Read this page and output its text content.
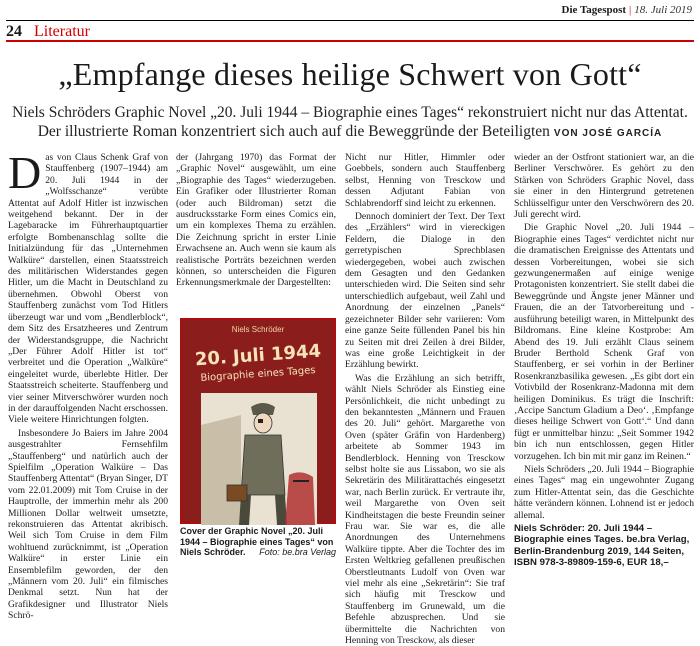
Die Tagespost | 18. Juli 2019
24 Literatur
„Empfange dieses heilige Schwert von Gott“
Niels Schröders Graphic Novel „20. Juli 1944 – Biographie eines Tages“ rekonstruiert nicht nur das Attentat.
Der illustrierte Roman konzentriert sich auch auf die Beweggründe der Beteiligten VON JOSÉ GARCÍA

Das von Claus Schenk Graf von Stauffenberg (1907–1944) am 20. Juli 1944 in der „Wolfsschanze“ verübte Attentat auf Adolf Hitler ist inzwischen weitgehend bekannt. Der in der Lagebaracke im Führerhauptquartier erfolgte Bombenanschlag sollte die Initialzündung für das „Unternehmen Walküre“ darstellen, einen Staatsstreich des militärischen Widerstandes gegen Hitler, um die Macht in Deutschland zu übernehmen. Obwohl Oberst von Stauffenberg zunächst vom Tod Hitlers überzeugt war und vom „Bendlerblock“, dem Sitz des Ersatzheeres und Zentrum der Widerstandsgruppe, die Nachricht „Der Führer Adolf Hitler ist tot“ verbreitet und die Operation „Walküre“ eingeleitet wurde, überlebte Hitler. Der Staatsstreich scheiterte. Stauffenberg und vier seiner Mitverschwörer wurden noch in der darauffolgenden Nacht erschossen. Viele weitere Hinrichtungen folgten.

Insbesondere Jo Baiers im Jahre 2004 ausgestrahlter Fernsehfilm „Stauffenberg“ und natürlich auch der Spielfilm „Operation Walküre – Das Stauffenberg Attentat“ (Bryan Singer, DT vom 22.01.2009) mit Tom Cruise in der Hauptrolle, der immerhin mehr als 200 Millionen Dollar weltweit umsetzte, rekonstruieren das Attentat akribisch. Weil sich Tom Cruise in dem Film wohltuend zurücknimmt, ist „Operation Walküre“ in erster Linie ein Ensemblefilm geworden, der den „Männern vom 20. Juli“ ein filmisches Denkmal setzt. Nun hat der Grafikdesigner und Illustrator Niels Schrö-

der (Jahrgang 1970) das Format der „Graphic Novel“ ausgewählt, um eine „Biographie des Tages“ wiederzugeben. Ein Grafiker oder Illustrierter Roman (oder auch Bildroman) setzt die ausdrucksstarke Form eines Comics ein, um ein komplexes Thema zu erzählen. Die Zeichnung spricht in erster Linie Erwachsene an. Auch wenn sie kaum als realistische Porträts bezeichnen werden können, so unterscheiden die Figuren Erkennungsmerkmale der Dargestellten:

Niels Schröder
20. Juli 1944
Biographie eines Tages
Cover der Graphic Novel „20. Juli 1944 – Biographie eines Tages“ von Niels Schröder. Foto: be.bra Verlag

Nicht nur Hitler, Himmler oder Goebbels, sondern auch Stauffenberg selbst, Henning von Tresckow und dessen Adjutant Fabian von Schlabrendorff sind leicht zu erkennen.

Dennoch dominiert der Text. Der Text des „Erzählers“ wird in viereckigen Feldern, die Dialoge in den gerretypischen Sprechblasen wiedergegeben, wobei auch zwischen dem Gesagten und den Gedanken unterschieden wird. Die Seiten sind sehr unterschiedlich aufgebaut, weil Zahl und Anordnung der einzelnen „Panels“ gezeichneter Bilder sehr variieren: Vom eine ganze Seite füllenden Panel bis hin zu Seiten mit drei Zeilen à drei Bilder, was eine große Leichtigkeit in der Erzählung bewirkt.

Was die Erzählung an sich betrifft, wählt Niels Schröder als Einstieg eine Persönlichkeit, die nicht unbedingt zu den bekanntesten „Männern und Frauen des 20. Juli“ gehört. Margarethe von Oven (später Gräfin von Hardenberg) arbeitete ab Sommer 1943 im Bendlerblock. Henning von Tresckow selbst holte sie aus Lissabon, wo sie als Sekretärin des Militärattachés eingesetzt war, nach Berlin zurück. Er vertraute ihr, weil Margarethe von Oven seit Kindheitstagen die beste Freundin seiner Frau war. Sie war es, die alle Anordnungen des Unternehmens Walküre tippte. Aber die Tochter des im Ersten Weltkrieg gefallenen preußischen Oberstleutnants Ludolf von Oven war viel mehr als eine „Sekretärin“: Sie traf sich häufig mit Tresckow und Stauffenberg im Grunewald, um die Befehle abzusprechen. Und sie übermittelte die Nachrichten von Henning von Tresckow, als dieser

wieder an der Ostfront stationiert war, an die Berliner Verschwörer. Es gehört zu den Stärken von Schröders Graphic Novel, dass sie einer in den Hintergrund getretenen Schlüsselfigur unter den Verschwörern des 20. Juli gerecht wird.

Die Graphic Novel „20. Juli 1944 – Biographie eines Tages“ verdichtet nicht nur die dramatischen Ereignisse des Attentats und dessen Vorbereitungen, wobei sie sich gezwungenermaßen auf einige wenige Protagonisten konzentriert. Sie stellt dabei die Beweggründe und Ängste jener Männer und Frauen, die an der Tatvorbereitung und -ausführung beteiligt waren, in Mittelpunkt des Bildromans. Eine kleine Kostprobe: Am Abend des 19. Juli erzählt Claus seinem Bruder Berthold Schenk Graf von Stauffenberg, er sei vorhin in der Berliner Rosenkranzbasilika gewesen. „Es gibt dort ein Votivbild der Rosenkranz-Madonna mit dem heiligen Dominikus. Es trägt die Inschrift: ‚Accipe Sanctum Gladium a Deo‘. ‚Empfange dieses heilige Schwert von Gott‘.“ Und dann fügt er unmittelbar hinzu: „Seit Sommer 1942 bin ich nun entschlossen, gegen Hitler vorzugehen. Ich bin mit mir ganz im Reinen.“

Niels Schröders „20. Juli 1944 – Biographie eines Tages“ mag ein ungewohnter Zugang zum Hitler-Attentat sein, das die Geschichte hätte verändern können. Lohnend ist er jedoch allemal.

Niels Schröder: 20. Juli 1944 – Biographie eines Tages. be.bra Verlag, Berlin-Brandenburg 2019, 144 Seiten, ISBN 978-3-89809-159-6, EUR 18,–
